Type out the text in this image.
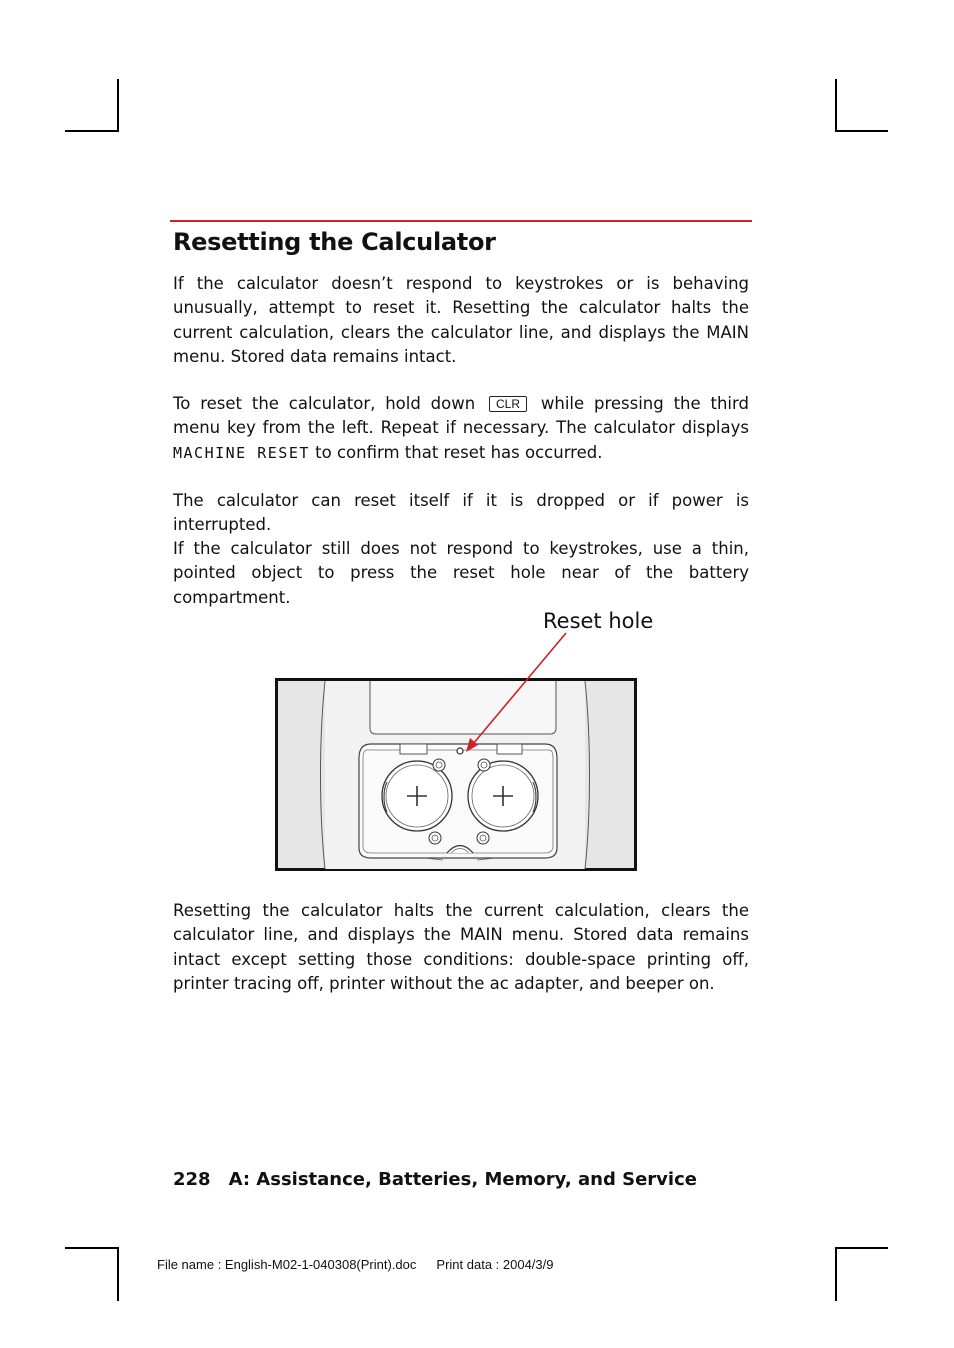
Resetting the Calculator

If the calculator doesn’t respond to keystrokes or is behaving unusually, attempt to reset it. Resetting the calculator halts the current calculation, clears the calculator line, and displays the MAIN menu. Stored data remains intact.

To reset the calculator, hold down CLR while pressing the third menu key from the left. Repeat if necessary. The calculator displays MACHINE RESET to confirm that reset has occurred.

The calculator can reset itself if it is dropped or if power is interrupted.

If the calculator still does not respond to keystrokes, use a thin, pointed object to press the reset hole near of the battery compartment.

Reset hole

Resetting the calculator halts the current calculation, clears the calculator line, and displays the MAIN menu. Stored data remains intact except setting those conditions: double-space printing off, printer tracing off, printer without the ac adapter, and beeper on.

228 A: Assistance, Batteries, Memory, and Service

File name : English-M02-1-040308(Print).doc Print data : 2004/3/9
